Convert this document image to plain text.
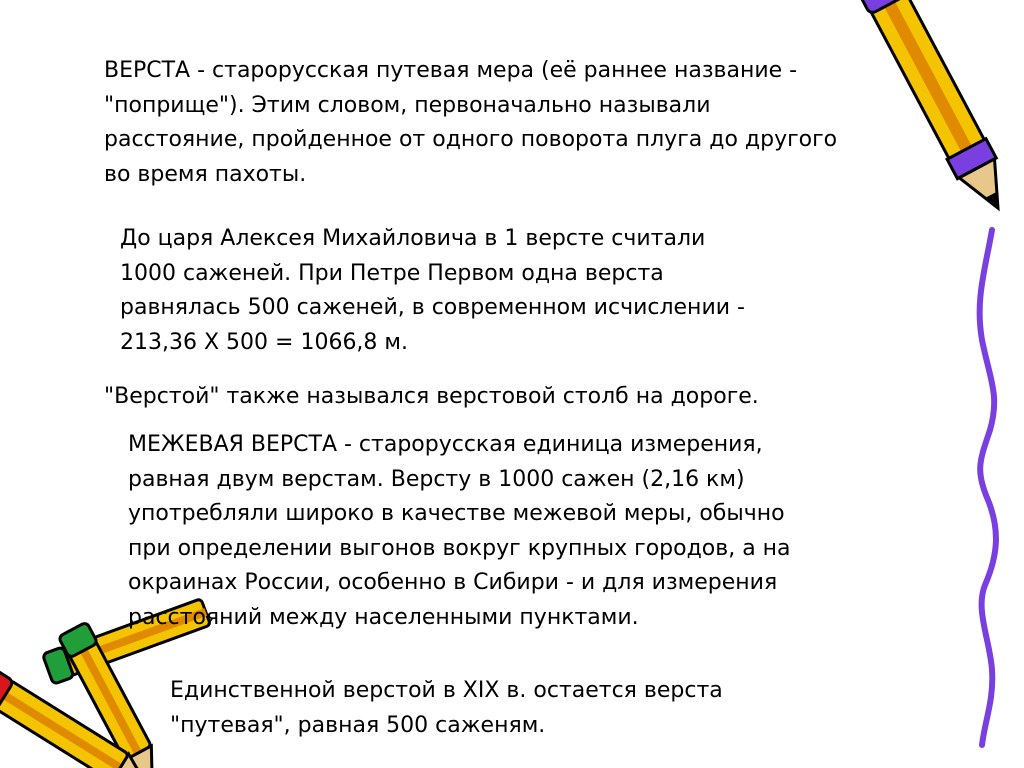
ВЕРСТА - старорусская путевая мера (её раннее название -
"поприще"). Этим словом, первоначально называли
расстояние, пройденное от одного поворота плуга до другого
во время пахоты.

До царя Алексея Михайловича в 1 версте считали
1000 саженей. При Петре Первом одна верста
равнялась 500 саженей, в современном исчислении -
213,36 Х 500 = 1066,8 м.

"Верстой" также назывался верстовой столб на дороге.

МЕЖЕВАЯ ВЕРСТА - старорусская единица измерения,
равная двум верстам. Версту в 1000 сажен (2,16 км)
употребляли широко в качестве межевой меры, обычно
при определении выгонов вокруг крупных городов, а на
окраинах России, особенно в Сибири - и для измерения
расстояний между населенными пунктами.

Единственной верстой в XIX в. остается верста
"путевая", равная 500 саженям.
